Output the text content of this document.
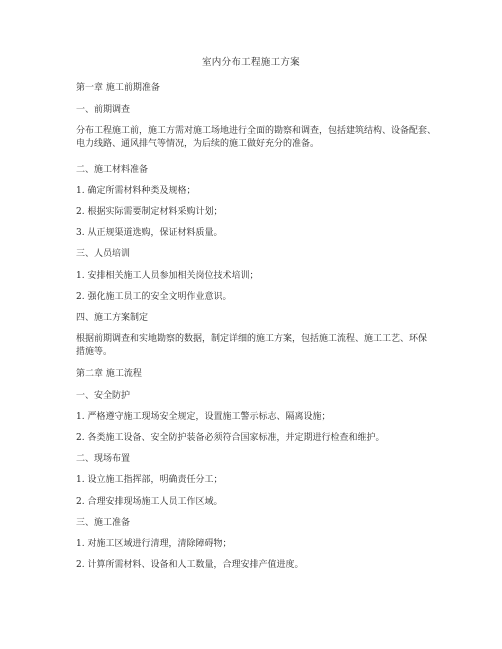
室内分布工程施工方案

第一章 施工前期准备

一、前期调查

分布工程施工前，施工方需对施工场地进行全面的勘察和调查，包括建筑结构、设备配套、
电力线路、通风排气等情况，为后续的施工做好充分的准备。

二、施工材料准备

1. 确定所需材料种类及规格；

2. 根据实际需要制定材料采购计划；

3. 从正规渠道选购，保证材料质量。

三、人员培训

1. 安排相关施工人员参加相关岗位技术培训；

2. 强化施工员工的安全文明作业意识。

四、施工方案制定

根据前期调查和实地勘察的数据，制定详细的施工方案，包括施工流程、施工工艺、环保
措施等。

第二章 施工流程

一、安全防护

1. 严格遵守施工现场安全规定，设置施工警示标志、隔离设施；

2. 各类施工设备、安全防护装备必须符合国家标准，并定期进行检查和维护。

二、现场布置

1. 设立施工指挥部，明确责任分工；

2. 合理安排现场施工人员工作区域。

三、施工准备

1. 对施工区域进行清理，清除障碍物；

2. 计算所需材料、设备和人工数量，合理安排产值进度。
